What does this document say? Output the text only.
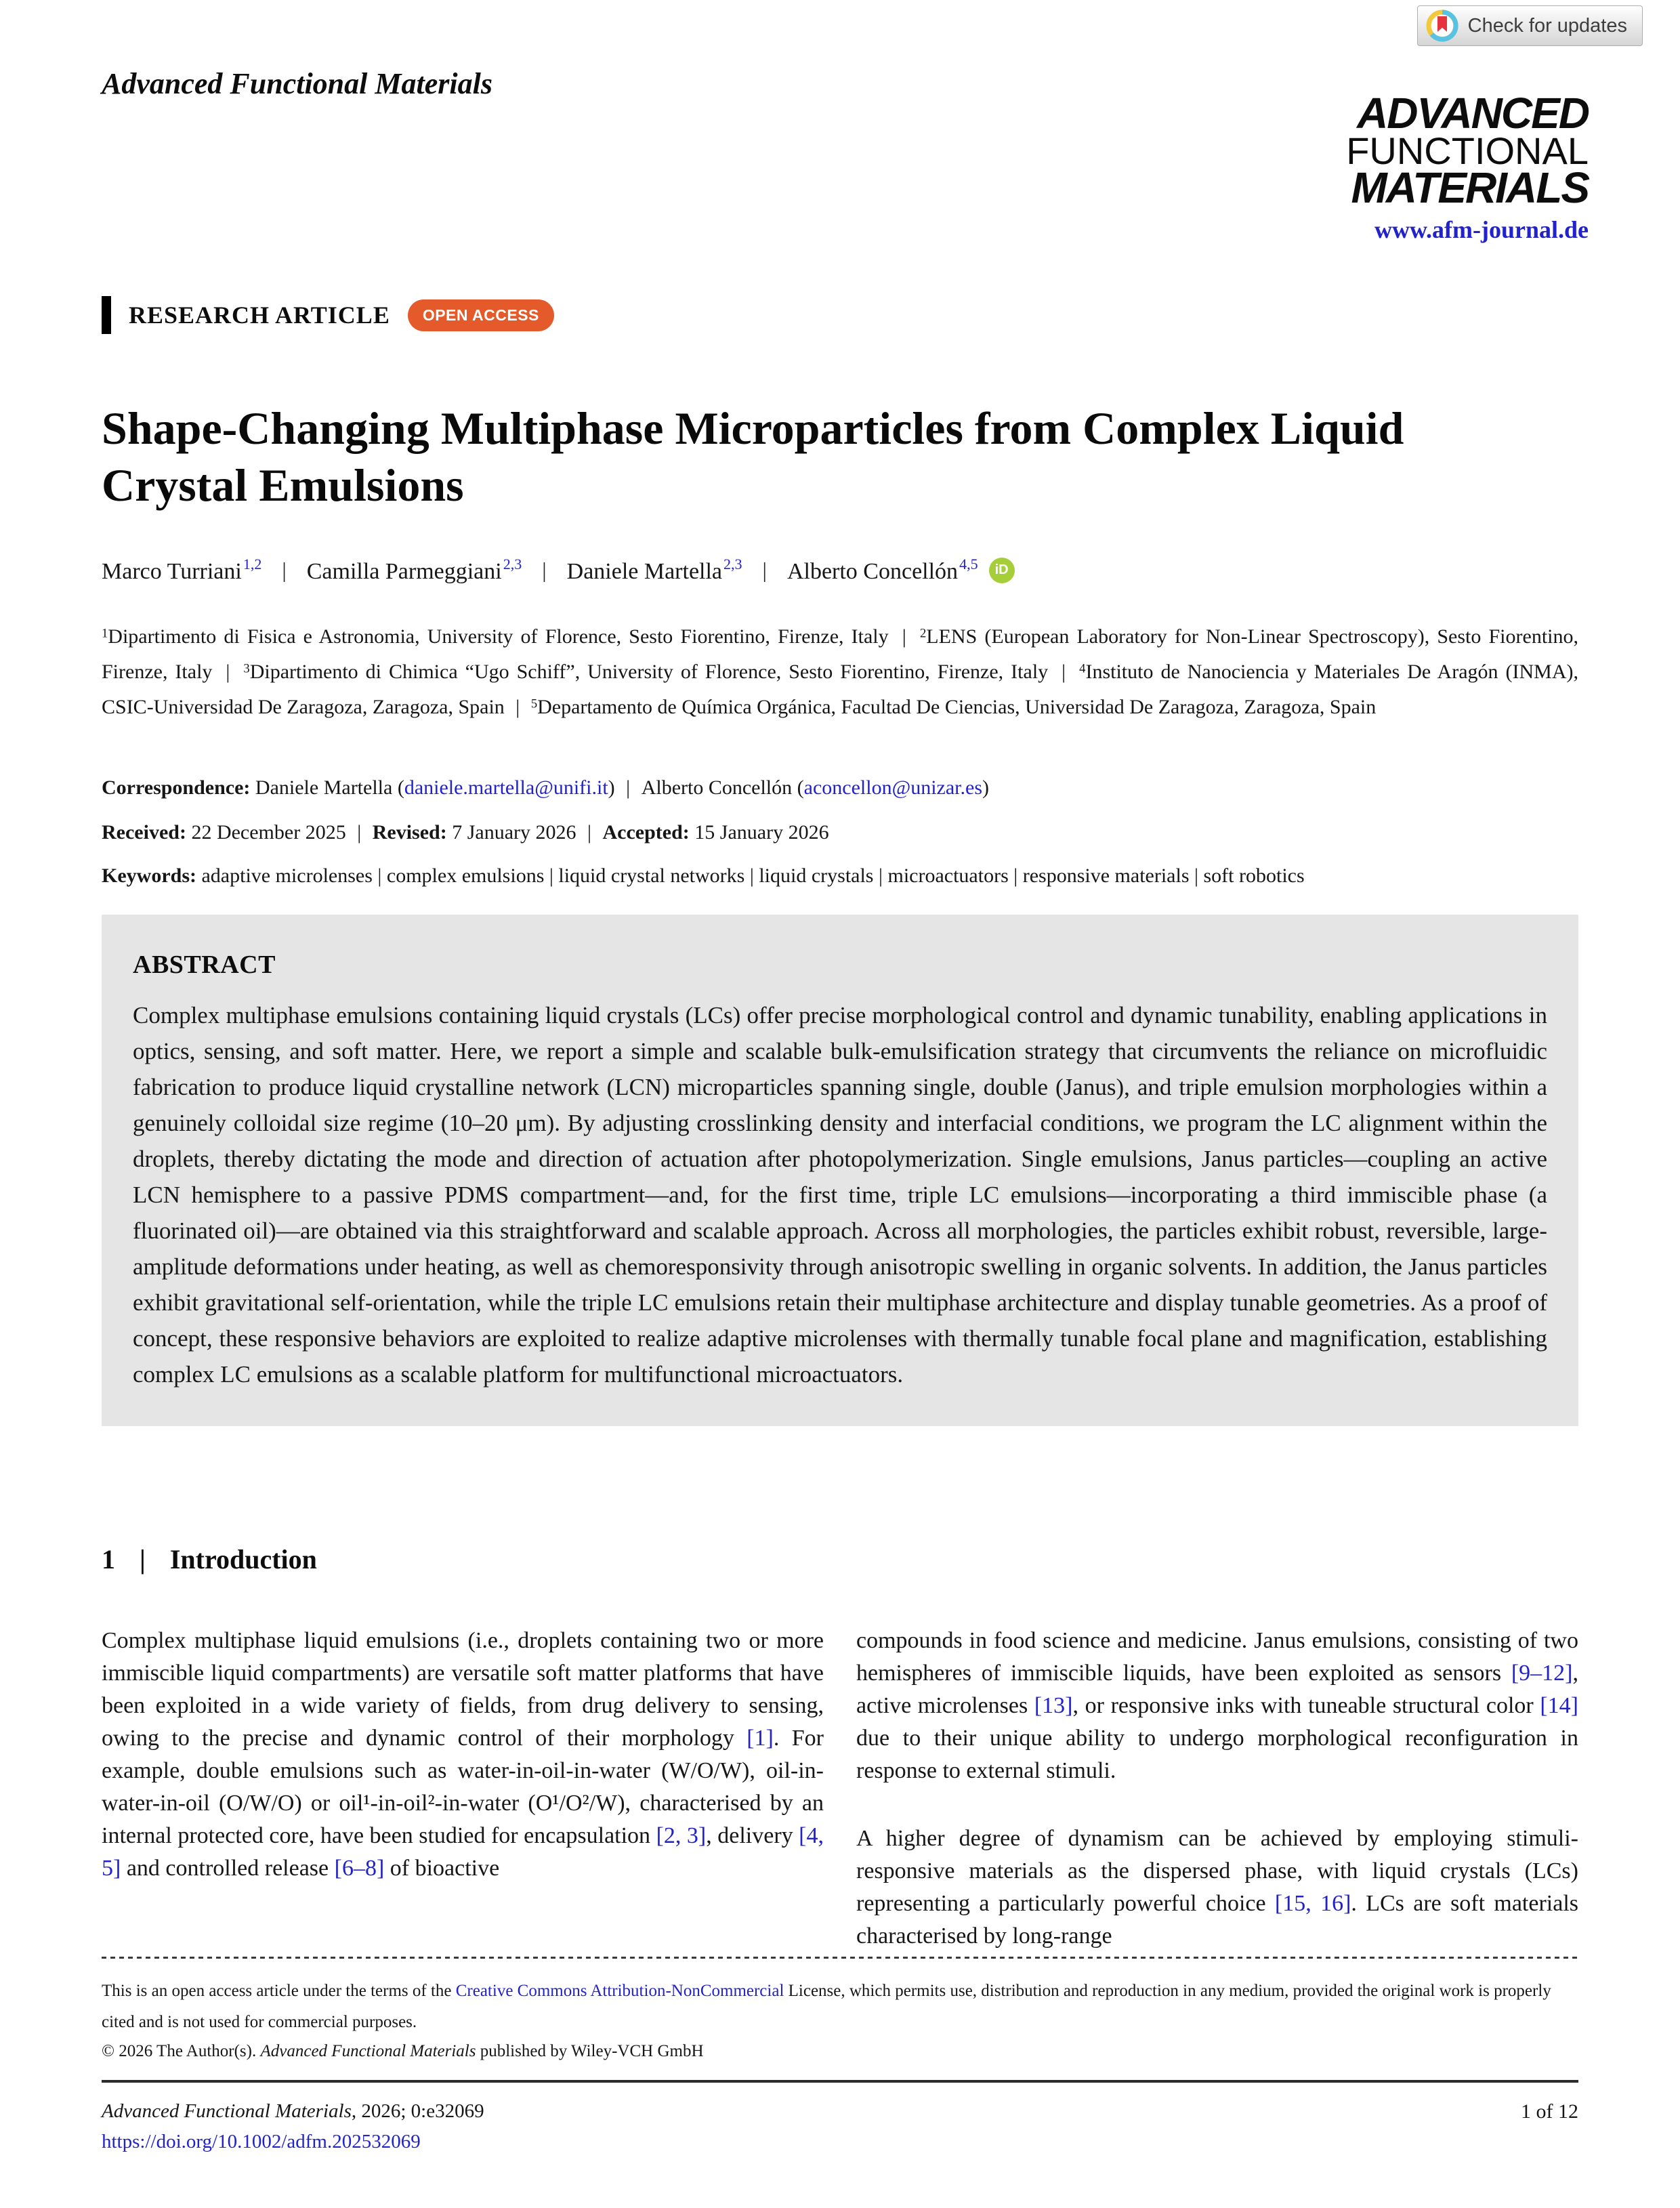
Advanced Functional Materials
Check for updates
ADVANCED
FUNCTIONAL
MATERIALS
www.afm-journal.de
RESEARCH ARTICLE	OPEN ACCESS
Shape-Changing Multiphase Microparticles from Complex Liquid Crystal Emulsions
Marco Turriani$^{1,2}$ | Camilla Parmeggiani$^{2,3}$ | Daniele Martella$^{2,3}$ | Alberto Concellón$^{4,5}$	iD

$^1$Dipartimento di Fisica e Astronomia, University of Florence, Sesto Fiorentino, Firenze, Italy | $^2$LENS (European Laboratory for Non-Linear Spectroscopy), Sesto Fiorentino, Firenze, Italy | $^3$Dipartimento di Chimica “Ugo Schiff”, University of Florence, Sesto Fiorentino, Firenze, Italy | $^4$Instituto de Nanociencia y Materiales De Aragón (INMA), CSIC-Universidad De Zaragoza, Zaragoza, Spain | $^5$Departamento de Química Orgánica, Facultad De Ciencias, Universidad De Zaragoza, Zaragoza, Spain

Correspondence: Daniele Martella (daniele.martella@unifi.it) | Alberto Concellón (aconcellon@unizar.es)

Received: 22 December 2025 | Revised: 7 January 2026 | Accepted: 15 January 2026

Keywords: adaptive microlenses | complex emulsions | liquid crystal networks | liquid crystals | microactuators | responsive materials | soft robotics

ABSTRACT

Complex multiphase emulsions containing liquid crystals (LCs) offer precise morphological control and dynamic tunability, enabling applications in optics, sensing, and soft matter. Here, we report a simple and scalable bulk-emulsification strategy that circumvents the reliance on microfluidic fabrication to produce liquid crystalline network (LCN) microparticles spanning single, double (Janus), and triple emulsion morphologies within a genuinely colloidal size regime (10–20 μm). By adjusting crosslinking density and interfacial conditions, we program the LC alignment within the droplets, thereby dictating the mode and direction of actuation after photopolymerization. Single emulsions, Janus particles—coupling an active LCN hemisphere to a passive PDMS compartment—and, for the first time, triple LC emulsions—incorporating a third immiscible phase (a fluorinated oil)—are obtained via this straightforward and scalable approach. Across all morphologies, the particles exhibit robust, reversible, large-amplitude deformations under heating, as well as chemoresponsivity through anisotropic swelling in organic solvents. In addition, the Janus particles exhibit gravitational self-orientation, while the triple LC emulsions retain their multiphase architecture and display tunable geometries. As a proof of concept, these responsive behaviors are exploited to realize adaptive microlenses with thermally tunable focal plane and magnification, establishing complex LC emulsions as a scalable platform for multifunctional microactuators.

1 | Introduction

Complex multiphase liquid emulsions (i.e., droplets containing two or more immiscible liquid compartments) are versatile soft matter platforms that have been exploited in a wide variety of fields, from drug delivery to sensing, owing to the precise and dynamic control of their morphology [1]. For example, double emulsions such as water-in-oil-in-water (W/O/W), oil-in-water-in-oil (O/W/O) or oil¹-in-oil²-in-water (O¹/O²/W), characterised by an internal protected core, have been studied for encapsulation [2, 3], delivery [4, 5] and controlled release [6–8] of bioactive

compounds in food science and medicine. Janus emulsions, consisting of two hemispheres of immiscible liquids, have been exploited as sensors [9–12], active microlenses [13], or responsive inks with tuneable structural color [14] due to their unique ability to undergo morphological reconfiguration in response to external stimuli.

A higher degree of dynamism can be achieved by employing stimuli-responsive materials as the dispersed phase, with liquid crystals (LCs) representing a particularly powerful choice [15, 16]. LCs are soft materials characterised by long-range

This is an open access article under the terms of the Creative Commons Attribution-NonCommercial License, which permits use, distribution and reproduction in any medium, provided the original work is properly cited and is not used for commercial purposes.

© 2026 The Author(s). Advanced Functional Materials published by Wiley-VCH GmbH

Advanced Functional Materials, 2026; 0:e32069

https://doi.org/10.1002/adfm.202532069
1 of 12
